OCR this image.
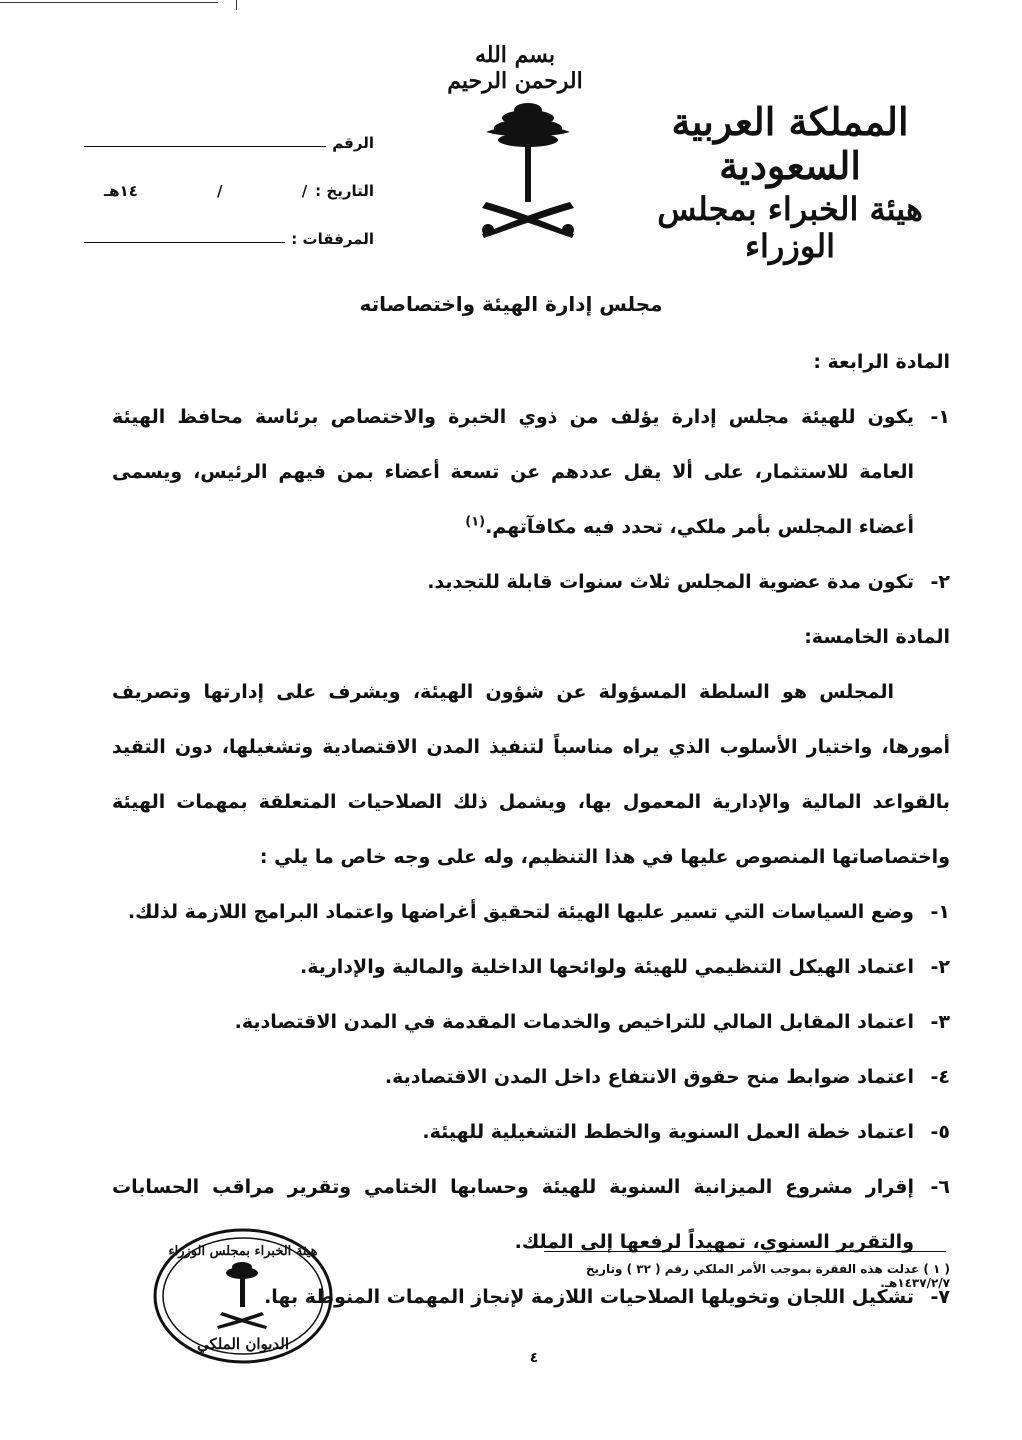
المملكة العربية السعودية
هيئة الخبراء بمجلس الوزراء
بسم الله الرحمن الرحيم
الرقم
التاريخ :
/
/
١٤هـ
المرفقات :
مجلس إدارة الهيئة واختصاصاته

المادة الرابعة :

١-
يكون للهيئة مجلس إدارة يؤلف من ذوي الخبرة والاختصاص برئاسة محافظ الهيئة العامة للاستثمار، على ألا يقل عددهم عن تسعة أعضاء بمن فيهم الرئيس، ويسمى أعضاء المجلس بأمر ملكي، تحدد فيه مكافآتهم.$^{(١)}$
٢-
تكون مدة عضوية المجلس ثلاث سنوات قابلة للتجديد.

المادة الخامسة:

المجلس هو السلطة المسؤولة عن شؤون الهيئة، ويشرف على إدارتها وتصريف أمورها، واختيار الأسلوب الذي يراه مناسباً لتنفيذ المدن الاقتصادية وتشغيلها، دون التقيد بالقواعد المالية والإدارية المعمول بها، ويشمل ذلك الصلاحيات المتعلقة بمهمات الهيئة واختصاصاتها المنصوص عليها في هذا التنظيم، وله على وجه خاص ما يلي :

١-
وضع السياسات التي تسير عليها الهيئة لتحقيق أغراضها واعتماد البرامج اللازمة لذلك.
٢-
اعتماد الهيكل التنظيمي للهيئة ولوائحها الداخلية والمالية والإدارية.
٣-
اعتماد المقابل المالي للتراخيص والخدمات المقدمة في المدن الاقتصادية.
٤-
اعتماد ضوابط منح حقوق الانتفاع داخل المدن الاقتصادية.
٥-
اعتماد خطة العمل السنوية والخطط التشغيلية للهيئة.
٦-
إقرار مشروع الميزانية السنوية للهيئة وحسابها الختامي وتقرير مراقب الحسابات والتقرير السنوي، تمهيداً لرفعها إلى الملك.
٧-
تشكيل اللجان وتخويلها الصلاحيات اللازمة لإنجاز المهمات المنوطة بها.
( ١ ) عدلت هذه الفقرة بموجب الأمر الملكي رقم ( ٣٢ ) وتاريخ ١٤٣٧/٢/٧هـ.
هيئة الخبراء بمجلس الوزراء
الديوان الملكي
٤
